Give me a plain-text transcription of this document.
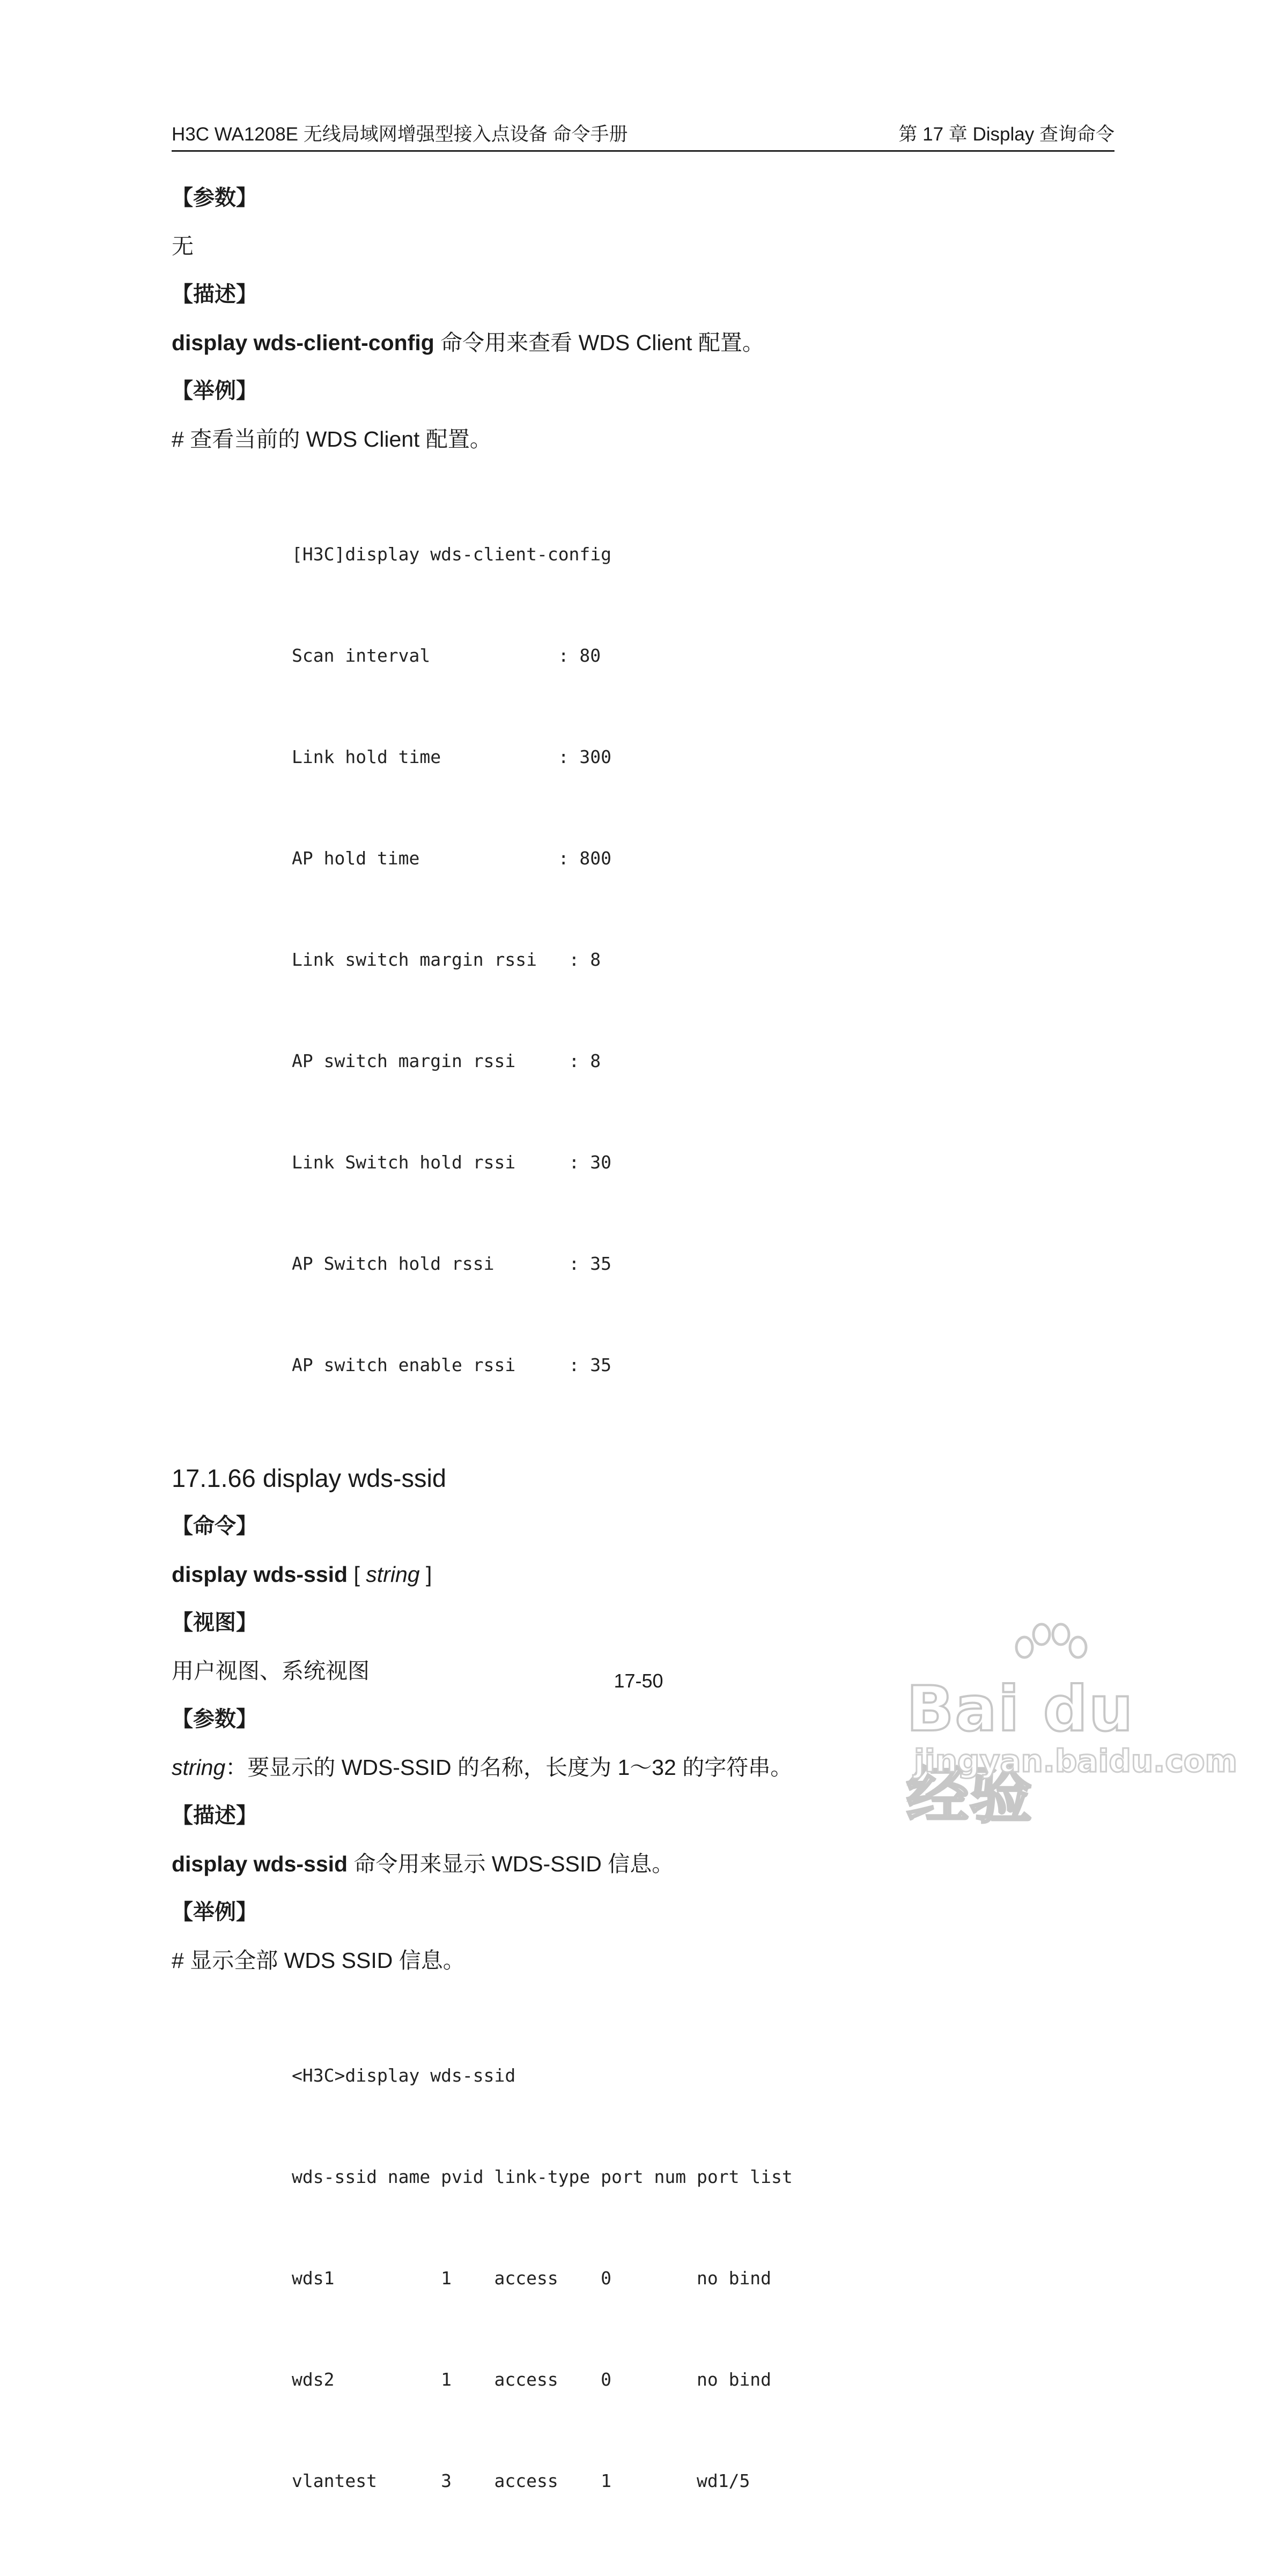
H3C WA1208E 无线局域网增强型接入点设备 命令手册	第 17 章 Display 查询命令
【参数】
无
【描述】
display wds-client-config 命令用来查看 WDS Client 配置。
【举例】
# 查看当前的 WDS Client 配置。

[H3C]display wds-client-config

Scan interval            : 80

Link hold time           : 300

AP hold time             : 800

Link switch margin rssi   : 8

AP switch margin rssi     : 8

Link Switch hold rssi     : 30

AP Switch hold rssi       : 35

AP switch enable rssi     : 35

17.1.66 display wds-ssid
【命令】
display wds-ssid [ string ]
【视图】
用户视图、系统视图
【参数】
string：要显示的 WDS-SSID 的名称，长度为 1～32 的字符串。
【描述】
display wds-ssid 命令用来显示 WDS-SSID 信息。
【举例】
# 显示全部 WDS SSID 信息。

<H3C>display wds-ssid

wds-ssid name pvid link-type port num port list

wds1          1    access    0        no bind

wds2          1    access    0        no bind

vlantest      3    access    1        wd1/5

17-50	Bai du 经验
jingyan.baidu.com
